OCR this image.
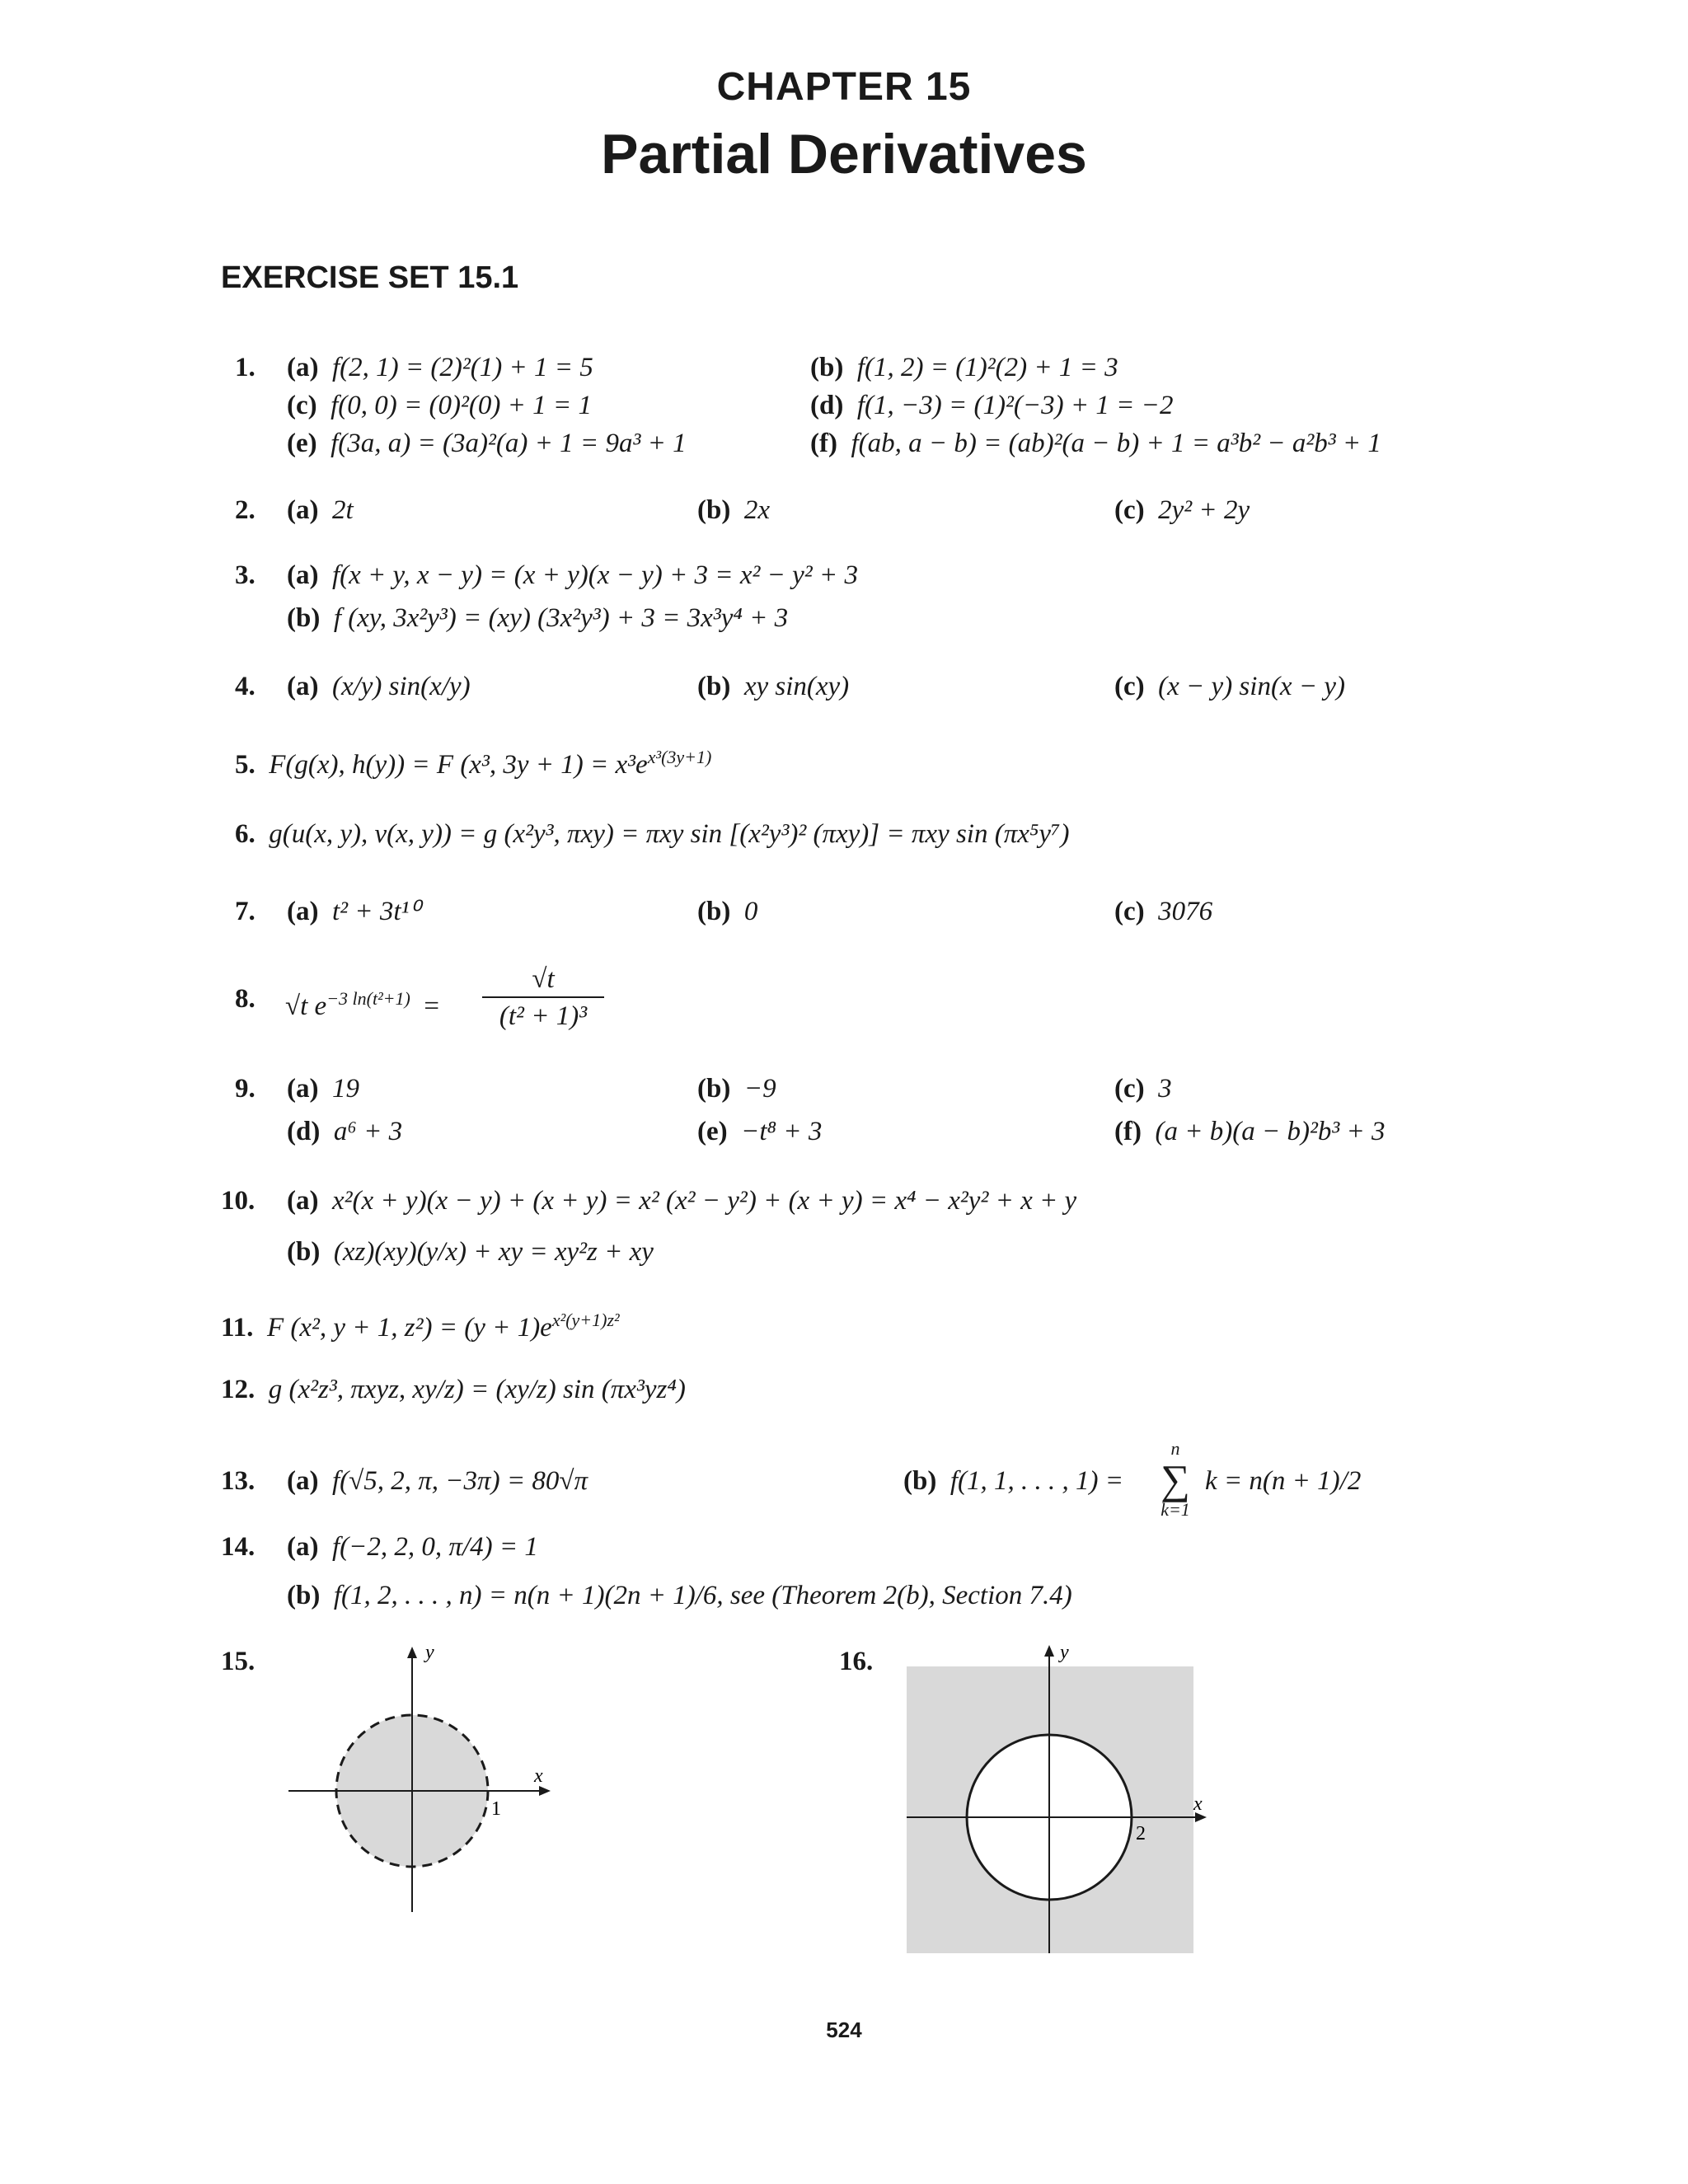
CHAPTER 15
Partial Derivatives
EXERCISE SET 15.1
1. (a) f(2, 1) = (2)²(1) + 1 = 5	(b) f(1, 2) = (1)²(2) + 1 = 3
(c) f(0, 0) = (0)²(0) + 1 = 1	(d) f(1, −3) = (1)²(−3) + 1 = −2
(e) f(3a, a) = (3a)²(a) + 1 = 9a³ + 1	(f) f(ab, a − b) = (ab)²(a − b) + 1 = a³b² − a²b³ + 1
2. (a) 2t	(b) 2x	(c) 2y² + 2y
3. (a) f(x + y, x − y) = (x + y)(x − y) + 3 = x² − y² + 3
(b) f (xy, 3x²y³) = (xy) (3x²y³) + 3 = 3x³y⁴ + 3
4. (a) (x/y) sin(x/y)	(b) xy sin(xy)	(c) (x − y) sin(x − y)
5. F(g(x), h(y)) = F (x³, $3y + 1) = x^3e^{x^3(3y+1)}$
6. g(u(x, y), v(x, y)) = g (x²y³, πxy) = πxy sin [(x²y³)² (πxy)] = πxy sin (πx⁵y⁷)
7. (a) t² + 3t¹⁰	(b) 0	(c) 3076
8. √t $e^{-3 ln(t^2+1)}$ =
√t
(t² + 1)³
9. (a) 19	(b) −9	(c) 3
(d) a⁶ + 3	(e) −t⁸ + 3	(f) (a + b)(a − b)²b³ + 3
10. (a) x²(x + y)(x − y) + (x + y) = x² (x² − y²) + (x + y) = x⁴ − x²y² + x + y
(b) (xz)(xy)(y/x) + xy = xy²z + xy
11. F (x², y + 1, $z^2) = (y + 1)e^{x^2(y+1)z^2}$
12. g (x²z³, πxyz, xy/z) = (xy/z) sin (πx³yz⁴)
13. (a) f(√5, 2, π, −3π) = 80√π	(b) f(1, 1, . . . , 1) =
n
∑
k=1
k = n(n + 1)/2
14. (a) f(−2, 2, 0, π/4) = 1
(b) f(1, 2, . . . , n) = n(n + 1)(2n + 1)/6, see (Theorem 2(b), Section 7.4)
15.
x
y
1
16.
x
y
2
524
